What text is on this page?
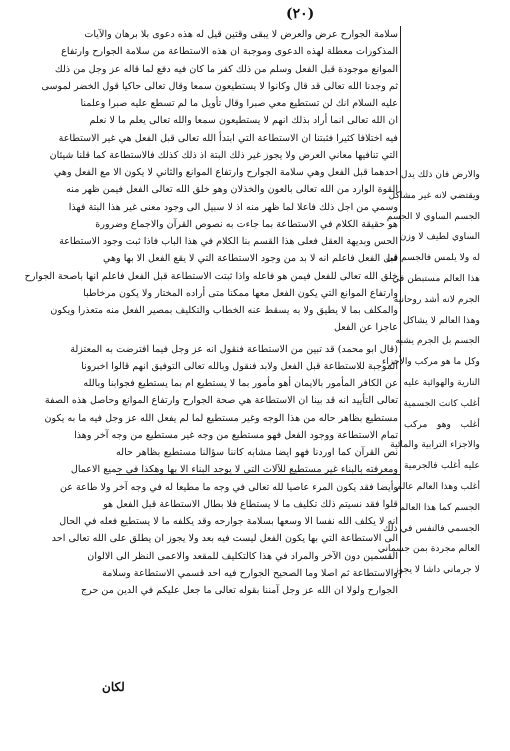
(٢٠)
سلامة الجوارح عرض والعرض لا يبقى وقتين قيل له هذه دعوى بلا برهان والآيات
المذكورات معطلة لهذه الدعوى وموجبة ان هذه الاستطاعة من سلامة الجوارح وارتفاع
الموانع موجودة قبل الفعل وسلم من ذلك كفر ما كان فيه دفع لما قاله عز وجل من ذلك
ثم وجدنا الله تعالى قد قال وكانوا لا يستطيعون سمعا وقال تعالى حاكيا قول الخضر لموسى
عليه السلام انك لن تستطيع معي صبرا وقال تأويل ما لم تسطع عليه صبرا وعلمنا
ان الله تعالى انما أراد بذلك انهم لا يستطيعون سمعا والله تعالى يعلم ما لا نعلم
فيه اختلافا كثيرا فثبتنا ان الاستطاعة التي ابتدأ الله تعالى قبل الفعل هي غير الاستطاعة
التي تنافيها معاني العرض ولا يجوز غير ذلك البتة اذ ذلك كذلك فالاستطاعة كما قلنا شيئان
احدهما قبل الفعل وهي سلامة الجوارح وارتفاع الموانع والثاني لا يكون الا مع الفعل وهي
القوة الوارد من الله تعالى بالعون والخذلان وهو خلق الله تعالى الفعل فيمن ظهر منه
وسمي من اجل ذلك فاعلا لما ظهر منه اذ لا سبيل الى وجود معنى غير هذا البتة فهذا
هو حقيقة الكلام في الاستطاعة بما جاءت به نصوص القرآن والاجماع وضرورة
الحس وبديهة العقل فعلى هذا القسم بنا الكلام في هذا الباب فاذا ثبت وجود الاستطاعة
قبل الفعل فاعلم انه لا بد من وجود الاستطاعة التي لا يقع الفعل الا بها وهي
خلق الله تعالى للفعل فيمن هو فاعله واذا ثبتت الاستطاعة قبل الفعل فاعلم انها باصحة الجوارح
وارتفاع الموانع التي يكون الفعل معها ممكنا متى أراده المختار ولا يكون مرخاطبا
والمكلف بما لا يطيق ولا به يسقط عنه الخطاب والتكليف بمصير الفعل منه متعذرا ويكون
عاجزا عن الفعل
(قال ابو محمد) قد تبين من الاستطاعة فنقول انه عز وجل فيما افترضت به المعتزلة
الموجبة للاستطاعة قبل الفعل ولابد فنقول وبالله تعالى التوفيق انهم قالوا اخبرونا
عن الكافر المأمور بالايمان أهو مأمور بما لا يستطيع ام بما يستطيع فجوابنا وبالله
تعالى التأييد انه قد بينا ان الاستطاعة هي صحة الجوارح وارتفاع الموانع وحاصل هذه الصفة
مستطيع بظاهر حاله من هذا الوجه وغير مستطيع لما لم يفعل الله عز وجل فيه ما به يكون
تمام الاستطاعة ووجود الفعل فهو مستطيع من وجه غير مستطيع من وجه آخر وهذا
نص القرآن كما اوردنا فهو ايضا مشابه كاننا سؤالنا مستطيع بظاهر حاله
ومعرفته بالبناء غير مستطيع للآلات التي لا يوجد البناء الا بها وهكذا في جميع الاعمال
وأيضا فقد يكون المرء عاصيا لله تعالى في وجه ما مطيعا له في وجه آخر ولا طاعة عن
قلوا فقد نسيتم ذلك تكليف ما لا يستطاع فلا بطال الاستطاعة قبل الفعل هو
انه لا يكلف الله نفسا الا وسعها بسلامة جوارحه وقد يكلفه ما لا يستطيع فعله في الحال
الى الاستطاعة التي بها يكون الفعل ليست فيه بعد ولا يجوز ان يطلق على الله تعالى احد
القسمين دون الآخر والمراد في هذا كالتكليف للمقعد والاعمى النظر الى الالوان
والاستطاعة ثم اصلا وما الصحيح الجوارح فيه احد قسمي الاستطاعة وسلامة
الجوارح ولولا ان الله عز وجل آمننا بقوله تعالى ما جعل عليكم في الدين من حرج
والارض فان ذلك يدل
ويقتضي لانه غير مشاكل
الجسم الساوي لا الجسم
الساوي لطيف لا وزن
له ولا يلمس فالجسم في
هذا العالم مستبطن في
الجرم لانه أشد روحانية
وهذا العالم لا يشاكل
الجسم بل الجرم يشبه
وكل ما هو مركب والأجزاء
النارية والهوائية عليه
أغلب كانت الجسمية
أغلب وهو مركب
والاجزاء الترابية والمائية
عليه أغلب فالجرمية
أغلب وهذا العالم عالم
الجسم كما هذا العالم
الجسمي فالنفس في ذلك
العالم مجردة بمن جسماني
لا جرماني داشا لا يجوز
لكان
